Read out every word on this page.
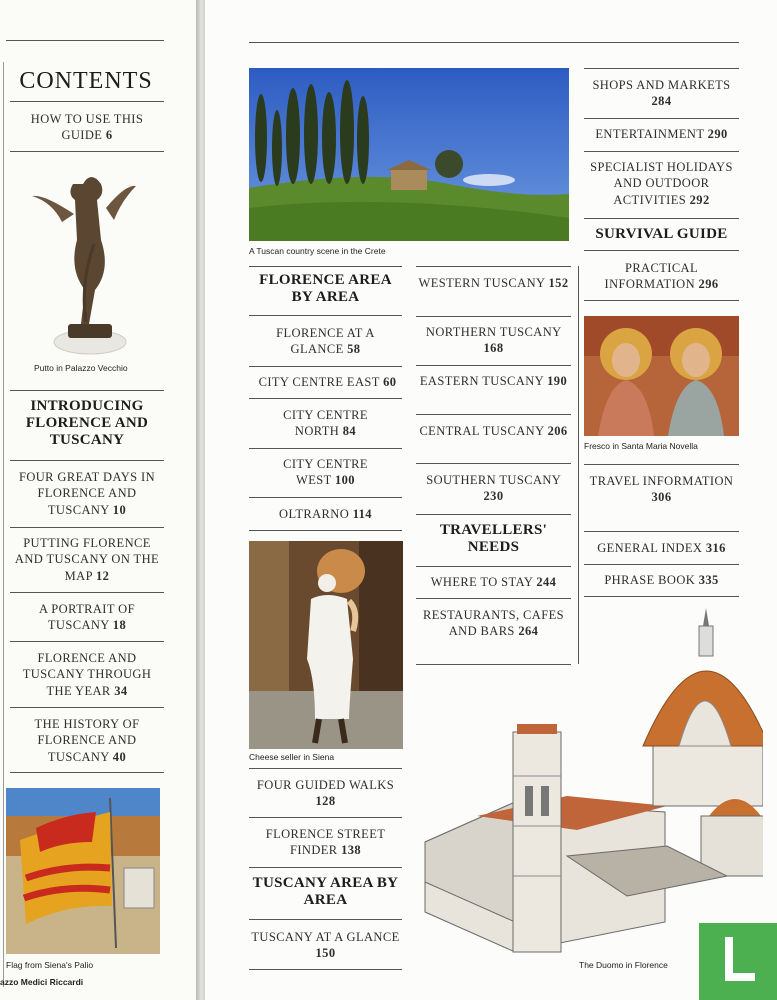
CONTENTS
HOW TO USE THIS GUIDE 6
Putto in Palazzo Vecchio
INTRODUCING FLORENCE AND TUSCANY
FOUR GREAT DAYS IN FLORENCE AND TUSCANY 10
PUTTING FLORENCE AND TUSCANY ON THE MAP 12
A PORTRAIT OF TUSCANY 18
FLORENCE AND TUSCANY THROUGH THE YEAR 34
THE HISTORY OF FLORENCE AND TUSCANY 40
Flag from Siena's Palio
azzo Medici Riccardi

A Tuscan country scene in the Crete
FLORENCE AREA BY AREA
FLORENCE AT A GLANCE 58
CITY CENTRE EAST 60
CITY CENTRE NORTH 84
CITY CENTRE WEST 100
OLTRARNO 114
Cheese seller in Siena
FOUR GUIDED WALKS 128
FLORENCE STREET FINDER 138
TUSCANY AREA BY AREA
TUSCANY AT A GLANCE 150
WESTERN TUSCANY 152
NORTHERN TUSCANY 168
EASTERN TUSCANY 190
CENTRAL TUSCANY 206
SOUTHERN TUSCANY 230
TRAVELLERS' NEEDS
WHERE TO STAY 244
RESTAURANTS, CAFES AND BARS 264
SHOPS AND MARKETS 284
ENTERTAINMENT 290
SPECIALIST HOLIDAYS AND OUTDOOR ACTIVITIES 292
SURVIVAL GUIDE
PRACTICAL INFORMATION 296
Fresco in Santa Maria Novella
TRAVEL INFORMATION 306
GENERAL INDEX 316
PHRASE BOOK 335
The Duomo in Florence
